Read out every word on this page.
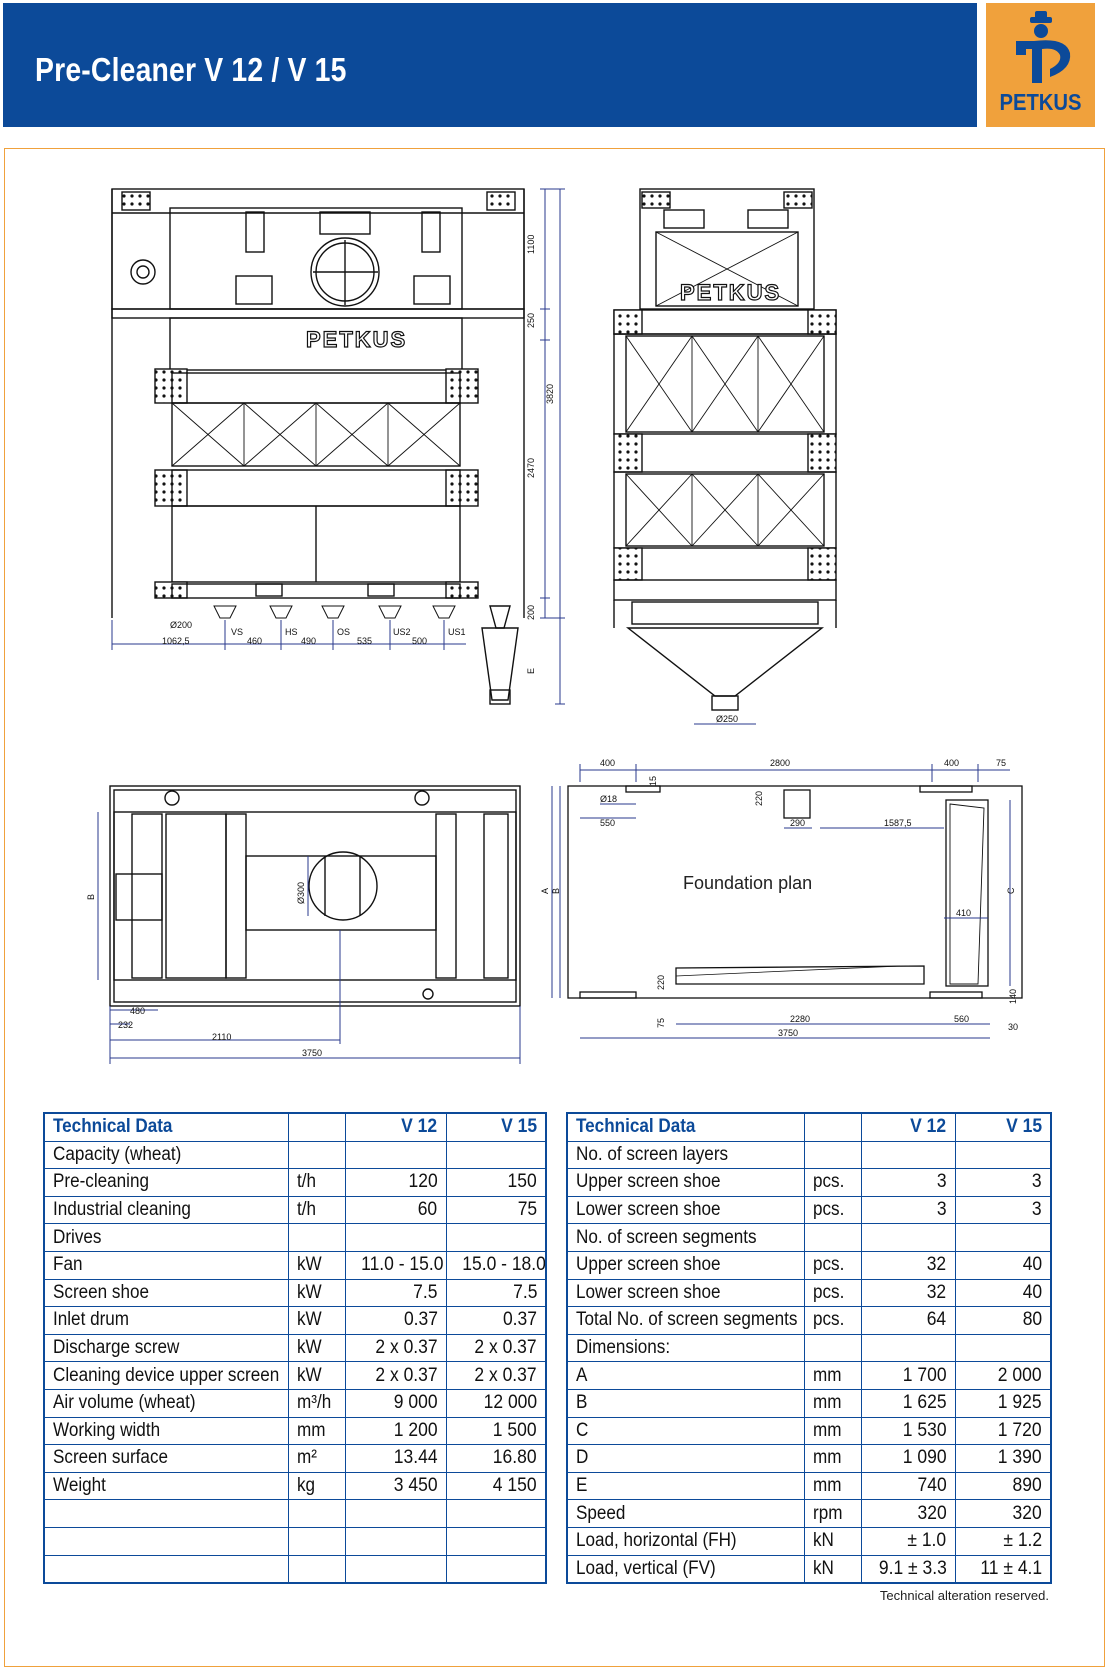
Pre-Cleaner V 12 / V 15
PETKUS
1100
250
3820
2470
200
E
Ø200
1062,5
VS	HS	OS	US2	US1
460	490	535	500
PETKUS
Ø250
PETKUS
B	Ø300
480
232
2110
3750
400	2800	400	75
15
Ø18
550
220
290	1587,5
A B	C
410
220
75	2280	560
3750
140
30
Foundation plan
Technical Data		V 12	V 15
Capacity (wheat)			
Pre-cleaning	t/h	120	150
Industrial cleaning	t/h	60	75
Drives			
Fan	kW	11.0 - 15.0	15.0 - 18.0
Screen shoe	kW	7.5	7.5
Inlet drum	kW	0.37	0.37
Discharge screw	kW	2 x 0.37	2 x 0.37
Cleaning device upper screen	kW	2 x 0.37	2 x 0.37
Air volume (wheat)	m³/h	9 000	12 000
Working width	mm	1 200	1 500
Screen surface	m²	13.44	16.80
Weight	kg	3 450	4 150

Technical Data		V 12	V 15
No. of screen layers			
Upper screen shoe	pcs.	3	3
Lower screen shoe	pcs.	3	3
No. of screen segments			
Upper screen shoe	pcs.	32	40
Lower screen shoe	pcs.	32	40
Total No. of screen segments	pcs.	64	80
Dimensions:			
A	mm	1 700	2 000
B	mm	1 625	1 925
C	mm	1 530	1 720
D	mm	1 090	1 390
E	mm	740	890
Speed	rpm	320	320
Load, horizontal (FH)	kN	± 1.0	± 1.2
Load, vertical (FV)	kN	9.1 ± 3.3	11 ± 4.1
Technical alteration reserved.
